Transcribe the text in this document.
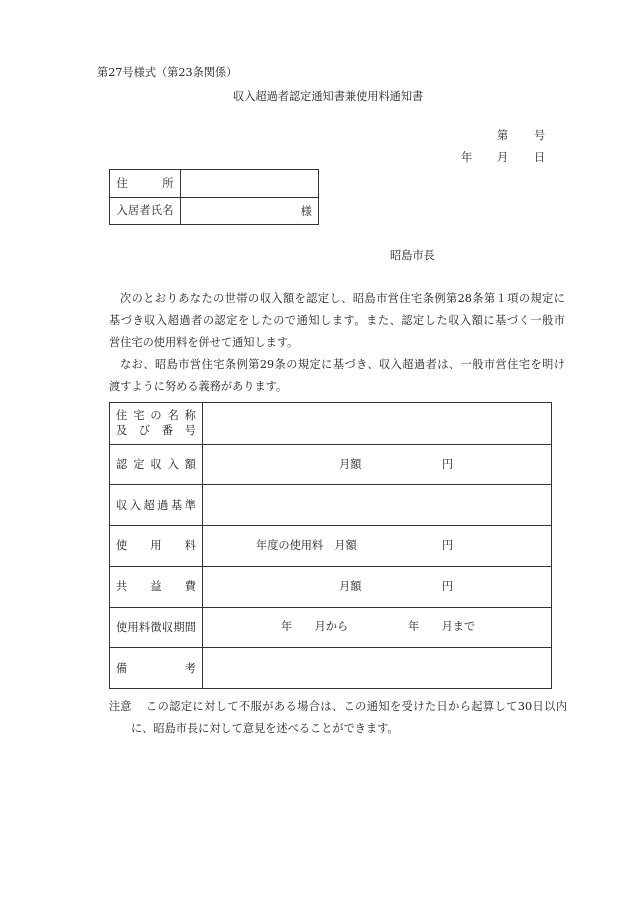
第27号様式（第23条関係）
収入超過者認定通知書兼使用料通知書
第 号
年 月 日
住　　所
入居者氏名	様
昭島市長
次のとおりあなたの世帯の収入額を認定し、昭島市営住宅条例第28条第１項の規定に
基づき収入超過者の認定をしたので通知します。また、認定した収入額に基づく一般市
営住宅の使用料を併せて通知します。
なお、昭島市営住宅条例第29条の規定に基づき、収入超過者は、一般市営住宅を明け
渡すように努める義務があります。
住 宅 の 名 称
及 び 番 号
認 定 収 入 額	月額	円
収入超過基準
使　　用　　料	年度の使用料　月額	円
共　　益　　費	月額	円
使用料徴収期間	年　　月から	年　　月まで
備　　　　　考
注意 この認定に対して不服がある場合は、この通知を受けた日から起算して30日以内
に、昭島市長に対して意見を述べることができます。
